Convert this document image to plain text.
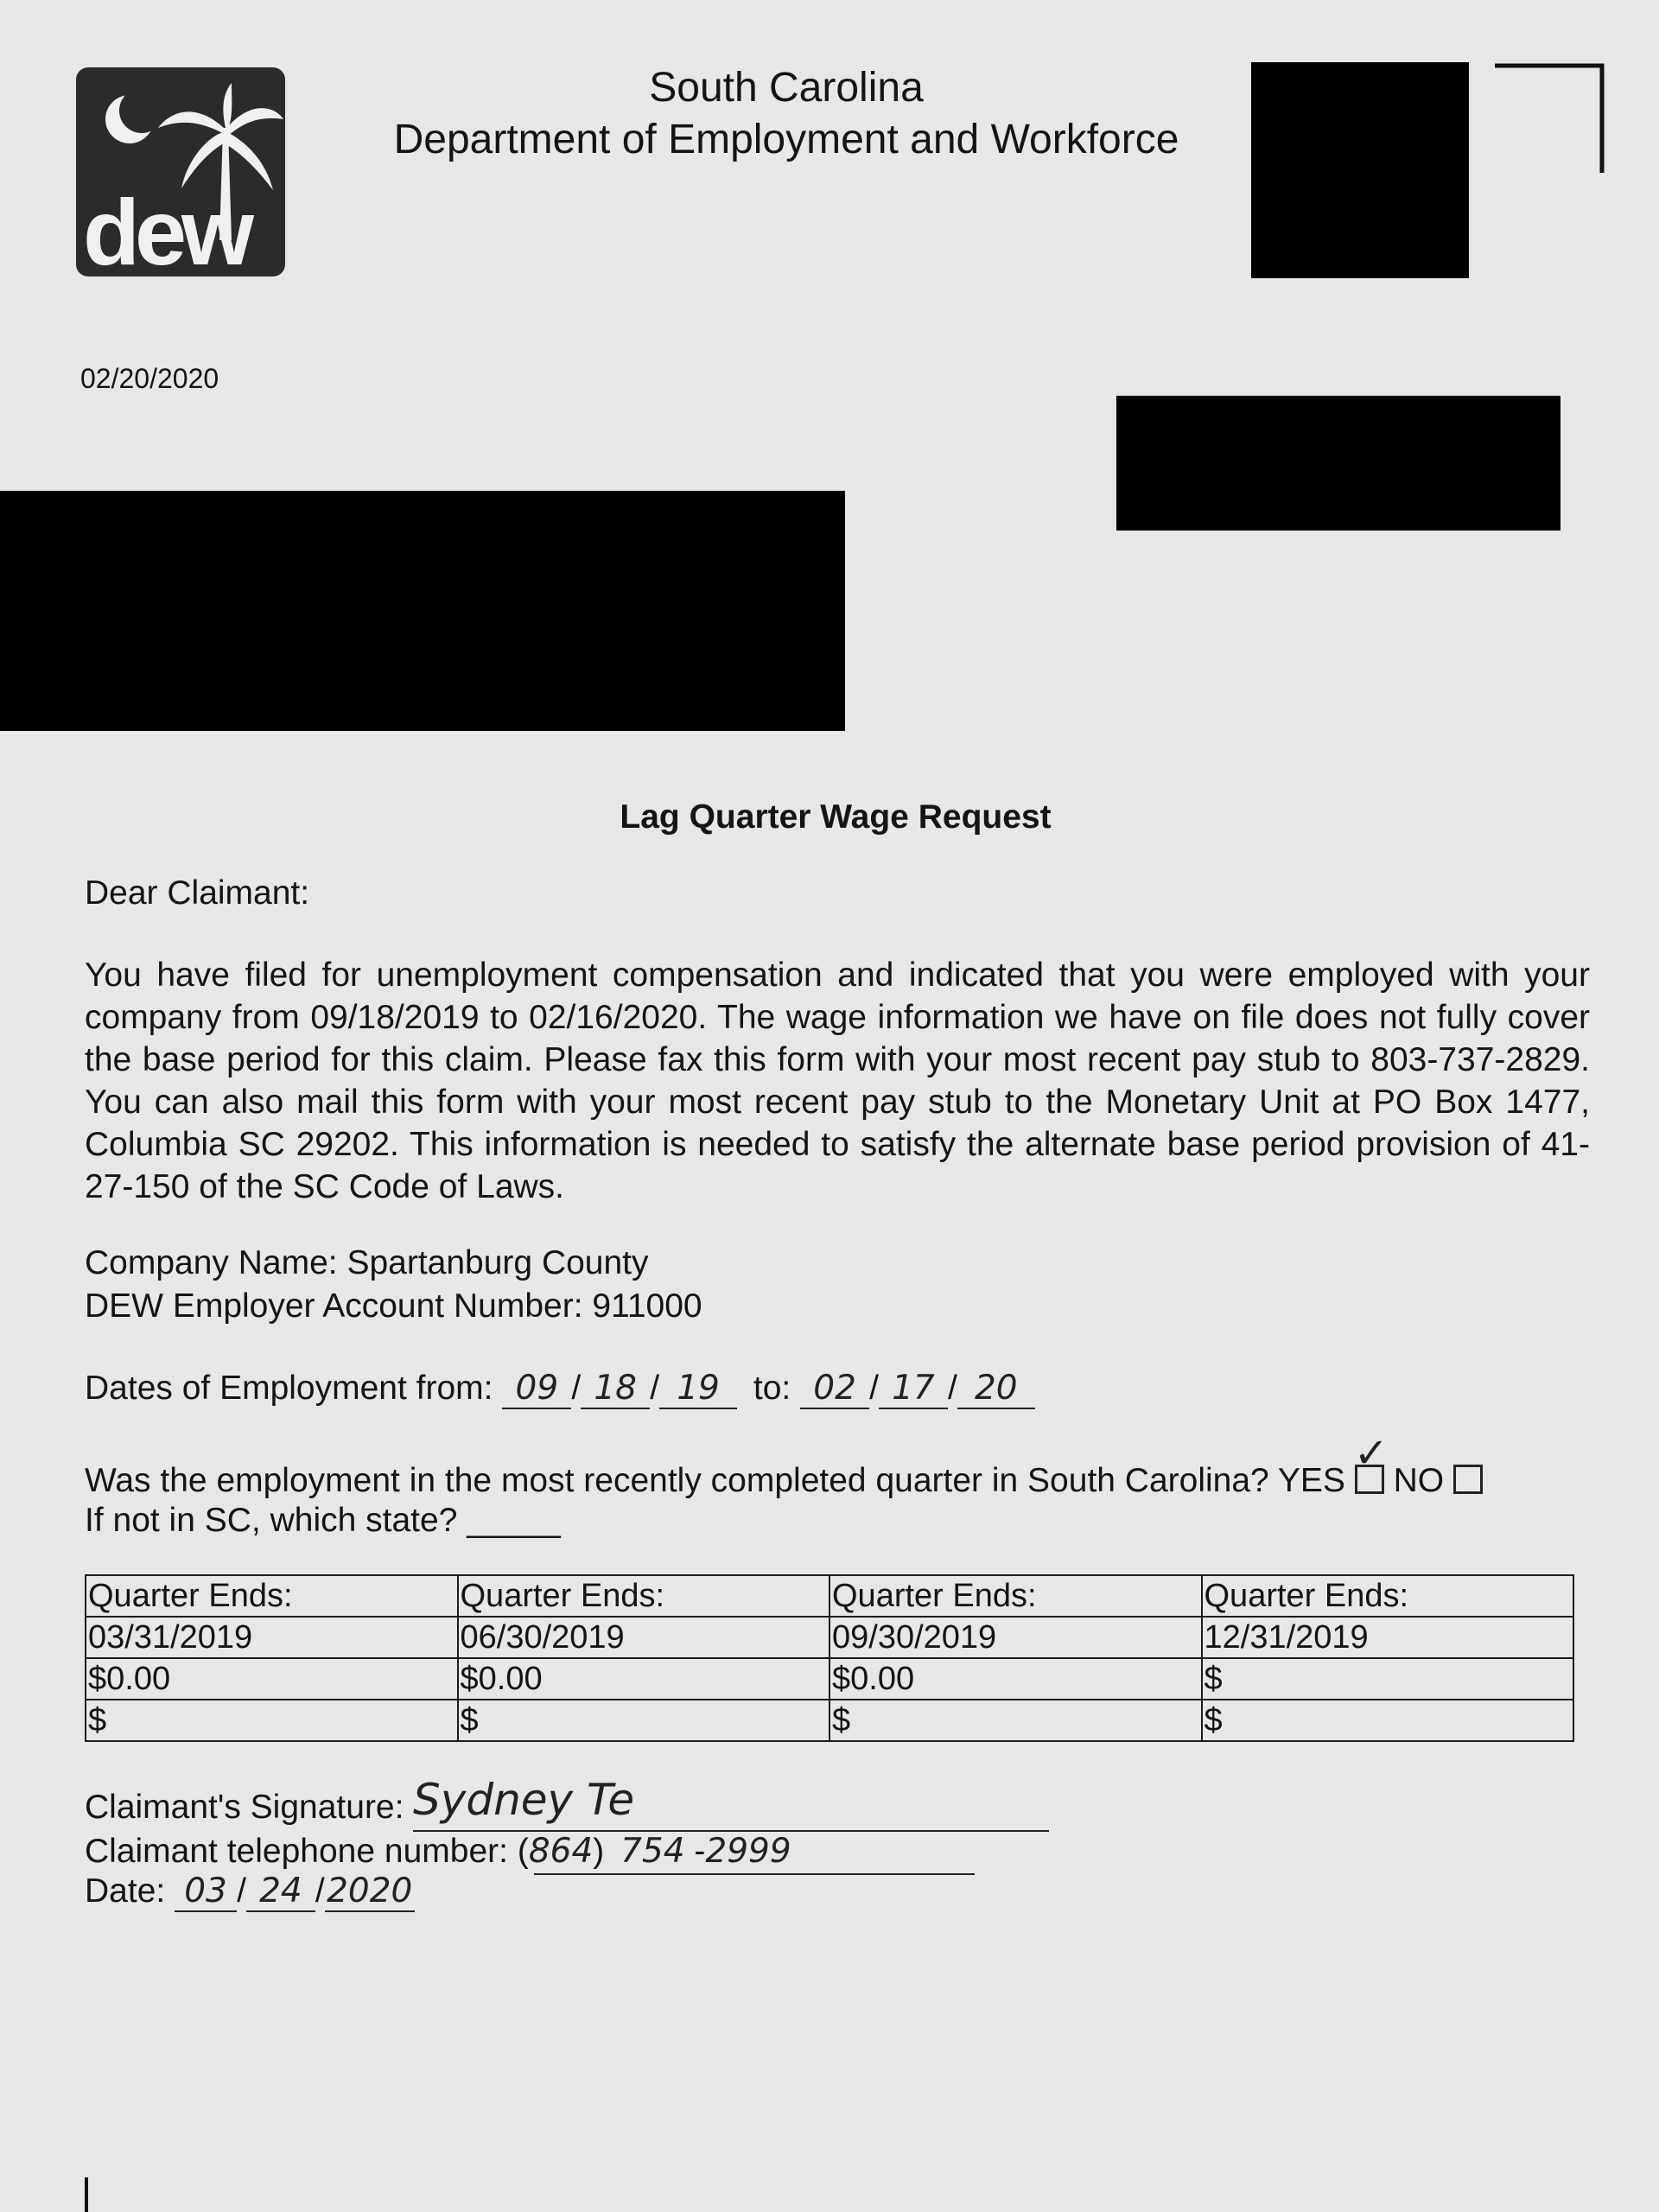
dew
South Carolina
Department of Employment and Workforce
02/20/2020
Lag Quarter Wage Request
Dear Claimant:

You have filed for unemployment compensation and indicated that you were employed with your company from 09/18/2019 to 02/16/2020. The wage information we have on file does not fully cover the base period for this claim. Please fax this form with your most recent pay stub to 803-737-2829. You can also mail this form with your most recent pay stub to the Monetary Unit at PO Box 1477, Columbia SC 29202. This information is needed to satisfy the alternate base period provision of 41-27-150 of the SC Code of Laws.

Company Name: Spartanburg County
DEW Employer Account Number: 911000
Dates of Employment from: 09 / 18 / 19 to: 02 / 17 / 20
Was the employment in the most recently completed quarter in South Carolina? YES
✓
NO
If not in SC, which state? _____
Quarter Ends:	Quarter Ends:	Quarter Ends:	Quarter Ends:
03/31/2019	06/30/2019	09/30/2019	12/31/2019
$0.00	$0.00	$0.00	$
$	$	$	$
Claimant's Signature: Sydney Te
Claimant telephone number: (864) 754 -2999
Date: 03 / 24 /2020
